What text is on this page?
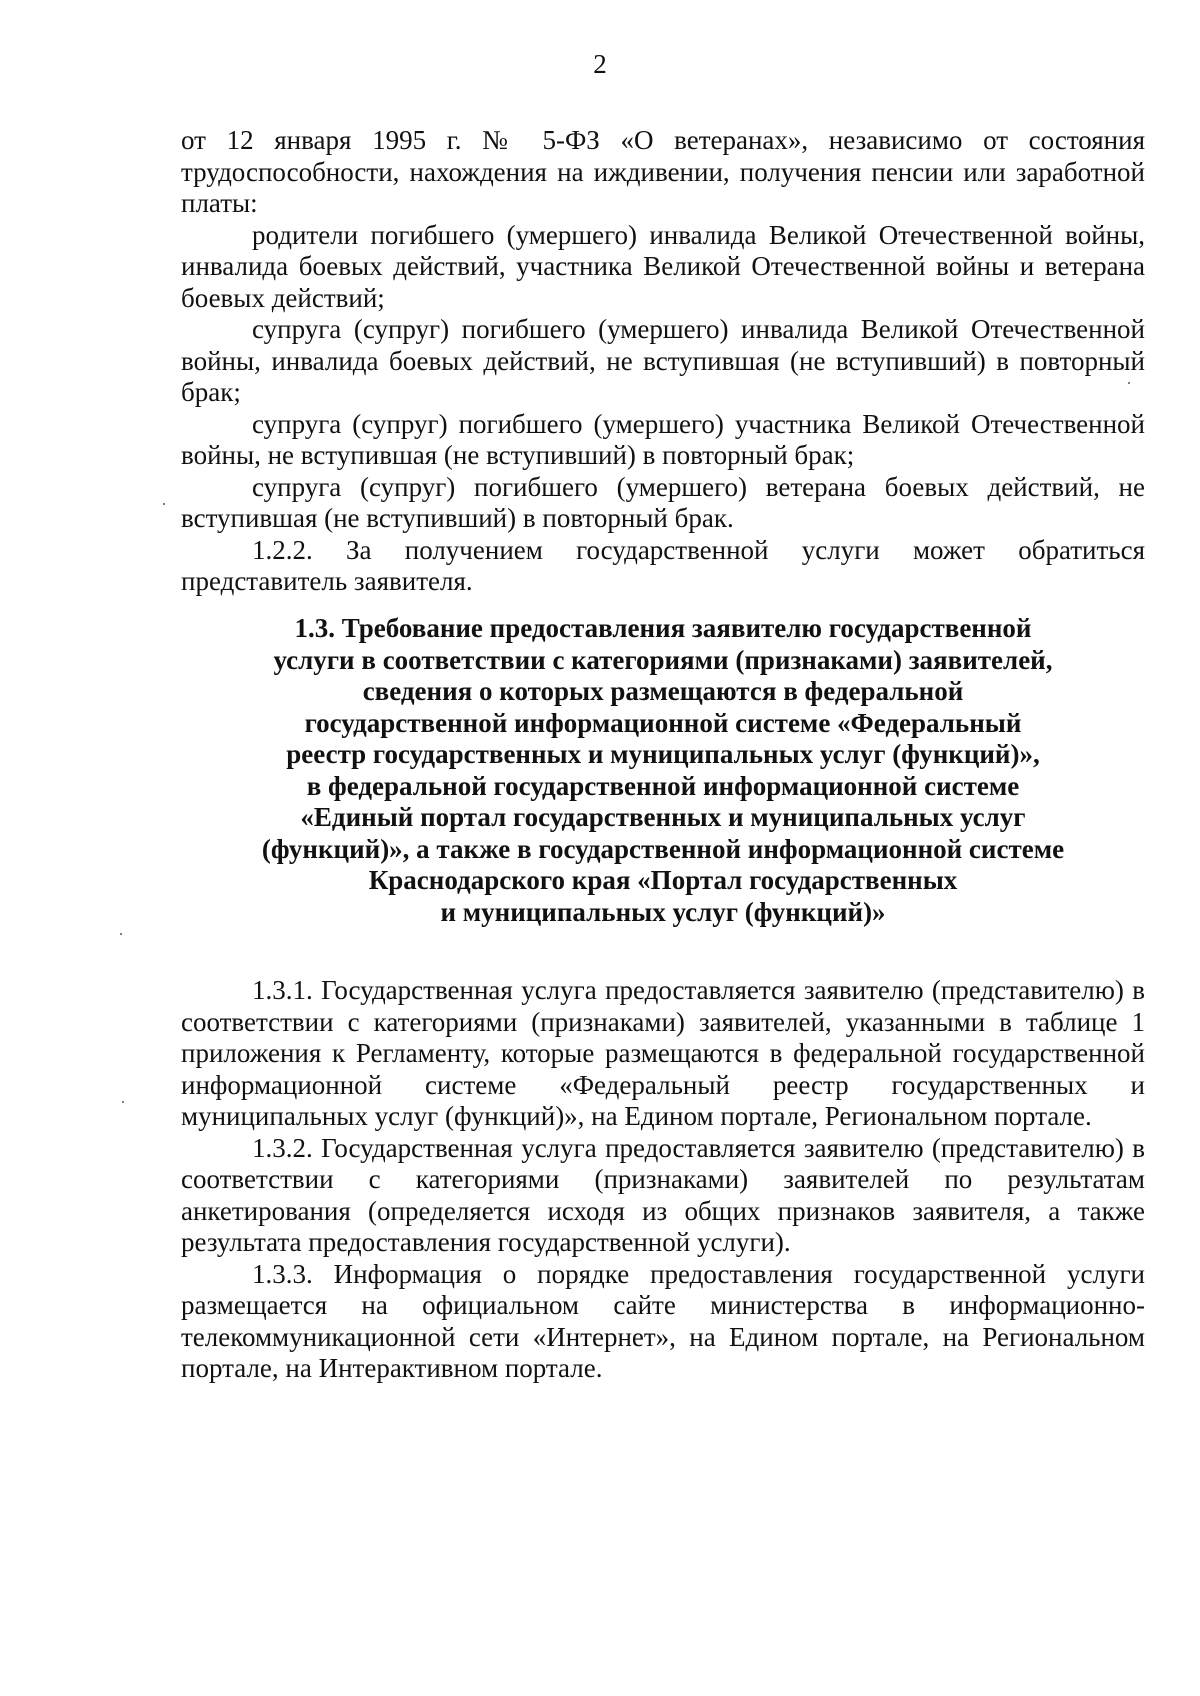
2

от 12 января 1995 г. № 5-ФЗ «О ветеранах», независимо от состояния трудоспособности, нахождения на иждивении, получения пенсии или заработной платы:

родители погибшего (умершего) инвалида Великой Отечественной войны, инвалида боевых действий, участника Великой Отечественной войны и ветерана боевых действий;

супруга (супруг) погибшего (умершего) инвалида Великой Отечественной войны, инвалида боевых действий, не вступившая (не вступивший) в повторный брак;

супруга (супруг) погибшего (умершего) участника Великой Отечественной войны, не вступившая (не вступивший) в повторный брак;

супруга (супруг) погибшего (умершего) ветерана боевых действий, не вступившая (не вступивший) в повторный брак.

1.2.2. За получением государственной услуги может обратиться представитель заявителя.

1.3. Требование предоставления заявителю государственной
услуги в соответствии с категориями (признаками) заявителей,
сведения о которых размещаются в федеральной
государственной информационной системе «Федеральный
реестр государственных и муниципальных услуг (функций)»,
в федеральной государственной информационной системе
«Единый портал государственных и муниципальных услуг
(функций)», а также в государственной информационной системе
Краснодарского края «Портал государственных
и муниципальных услуг (функций)»

1.3.1. Государственная услуга предоставляется заявителю (представителю) в соответствии с категориями (признаками) заявителей, указанными в таблице 1 приложения к Регламенту, которые размещаются в федеральной государственной информационной системе «Федеральный реестр государственных и муниципальных услуг (функций)», на Едином портале, Региональном портале.

1.3.2. Государственная услуга предоставляется заявителю (представителю) в соответствии с категориями (признаками) заявителей по результатам анкетирования (определяется исходя из общих признаков заявителя, а также результата предоставления государственной услуги).

1.3.3. Информация о порядке предоставления государственной услуги размещается на официальном сайте министерства в информационно-телекоммуникационной сети «Интернет», на Едином портале, на Региональном портале, на Интерактивном портале.
